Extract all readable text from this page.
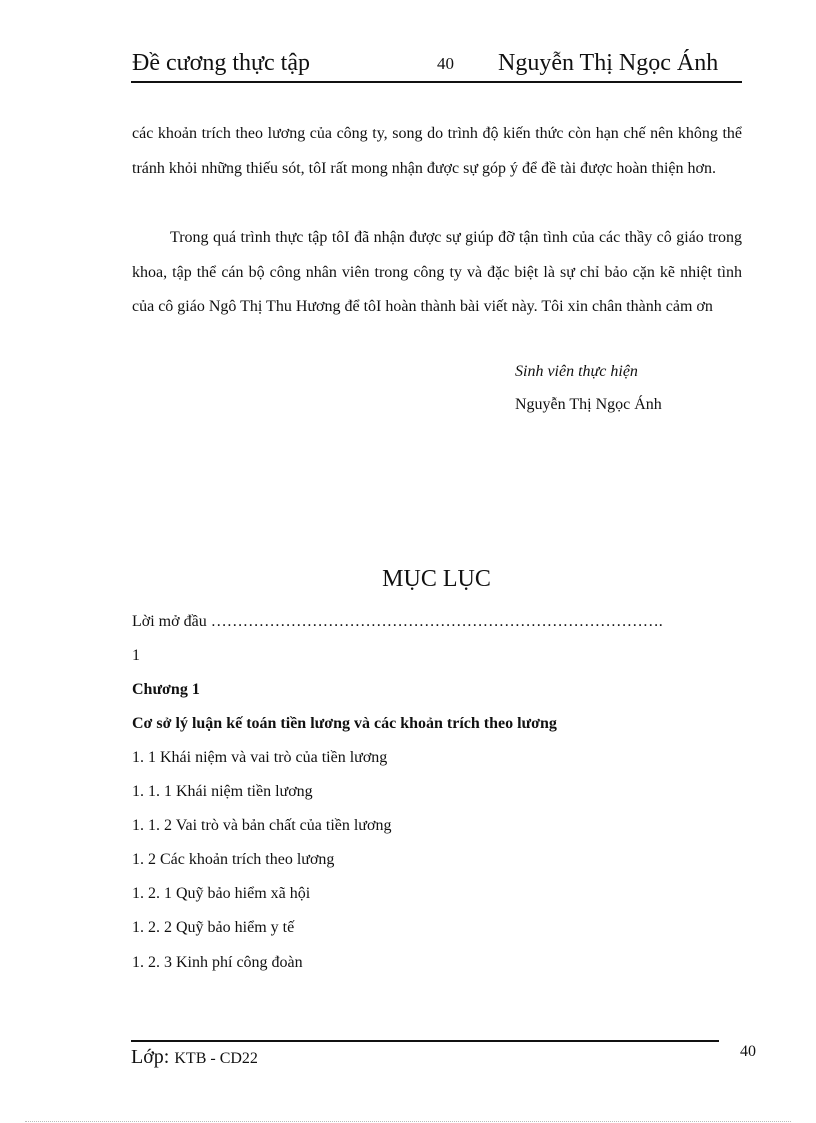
Đề cương thực tập	40 Nguyễn Thị Ngọc Ánh
các khoản trích theo lương của công ty, song do trình độ kiến thức còn hạn chế nên không thể tránh khỏi những thiếu sót, tôI rất mong nhận được sự góp ý để đề tài được hoàn thiện hơn.
Trong quá trình thực tập tôI đã nhận được sự giúp đỡ tận tình của các thầy cô giáo trong khoa, tập thể cán bộ công nhân viên trong công ty và đặc biệt là sự chỉ bảo cặn kẽ nhiệt tình của cô giáo Ngô Thị Thu Hương để tôI hoàn thành bài viết này. Tôi xin chân thành cảm ơn
Sinh viên thực hiện
Nguyễn Thị Ngọc Ánh
MỤC LỤC
Lời mở đầu ………………………………………………………………………….
1
Chương 1
Cơ sở lý luận kế toán tiền lương và các khoản trích theo lương
1. 1 Khái niệm và vai trò của tiền lương
1. 1. 1 Khái niệm tiền lương
1. 1. 2 Vai trò và bản chất của tiền lương
1. 2 Các khoản trích theo lương
1. 2. 1 Quỹ bảo hiểm xã hội
1. 2. 2 Quỹ bảo hiểm y tế
1. 2. 3 Kinh phí công đoàn
Lớp: KTB - CD22	40
